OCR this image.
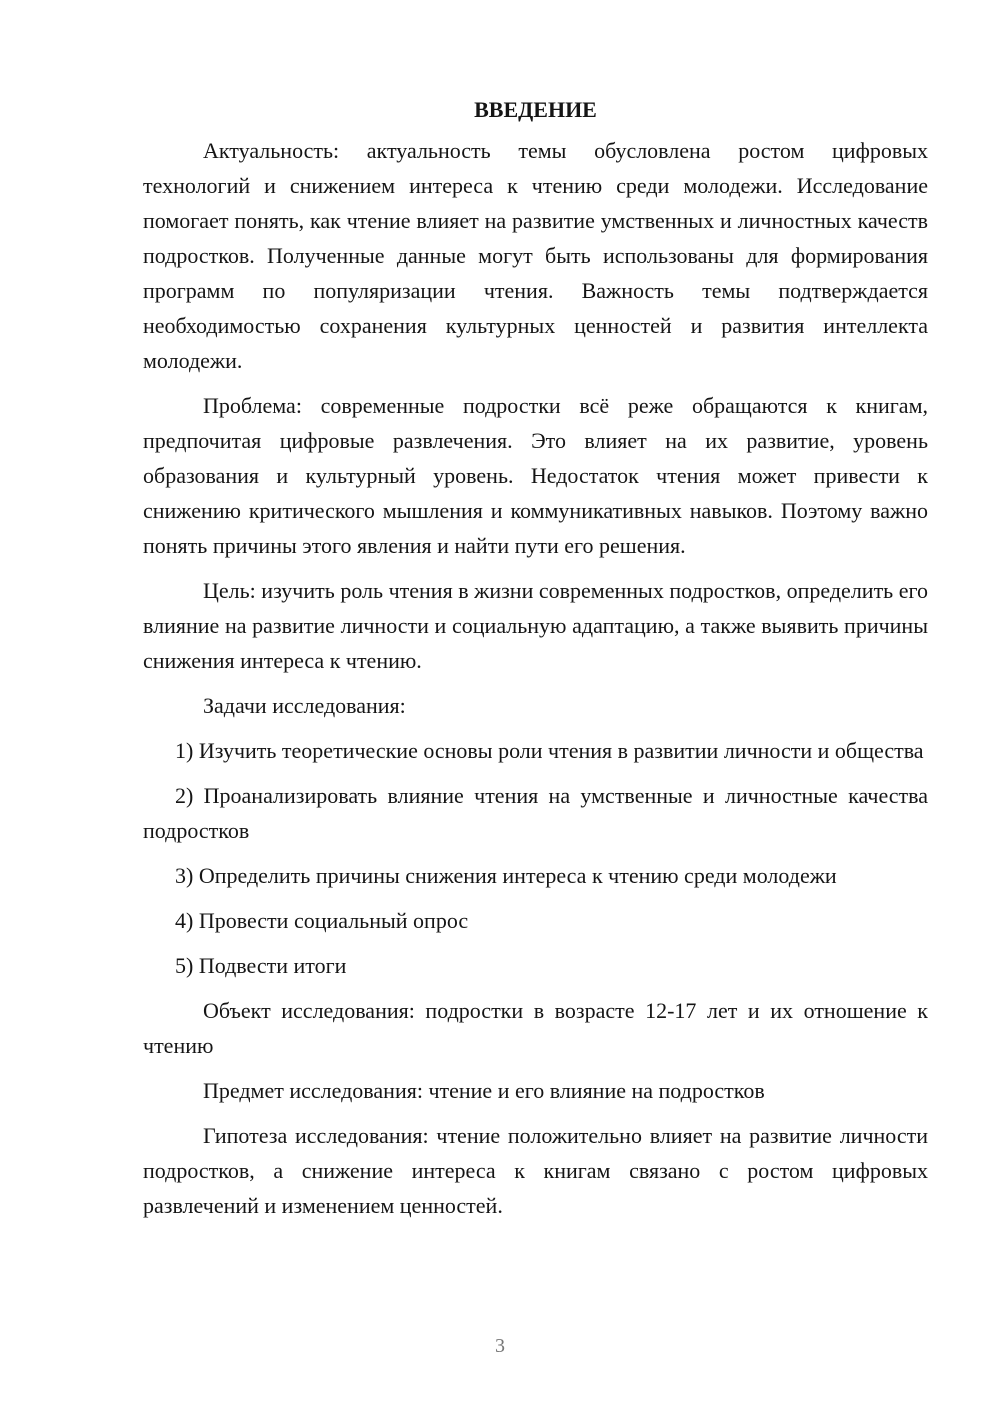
ВВЕДЕНИЕ

Актуальность: актуальность темы обусловлена ростом цифровых технологий и снижением интереса к чтению среди молодежи. Исследование помогает понять, как чтение влияет на развитие умственных и личностных качеств подростков. Полученные данные могут быть использованы для формирования программ по популяризации чтения. Важность темы подтверждается необходимостью сохранения культурных ценностей и развития интеллекта молодежи.

Проблема: современные подростки всё реже обращаются к книгам, предпочитая цифровые развлечения. Это влияет на их развитие, уровень образования и культурный уровень. Недостаток чтения может привести к снижению критического мышления и коммуникативных навыков. Поэтому важно понять причины этого явления и найти пути его решения.

Цель: изучить роль чтения в жизни современных подростков, определить его влияние на развитие личности и социальную адаптацию, а также выявить причины снижения интереса к чтению.

Задачи исследования:

1) Изучить теоретические основы роли чтения в развитии личности и общества

2) Проанализировать влияние чтения на умственные и личностные качества подростков

3) Определить причины снижения интереса к чтению среди молодежи

4) Провести социальный опрос

5) Подвести итоги

Объект исследования: подростки в возрасте 12-17 лет и их отношение к чтению

Предмет исследования: чтение и его влияние на подростков

Гипотеза исследования: чтение положительно влияет на развитие личности подростков, а снижение интереса к книгам связано с ростом цифровых развлечений и изменением ценностей.

3
